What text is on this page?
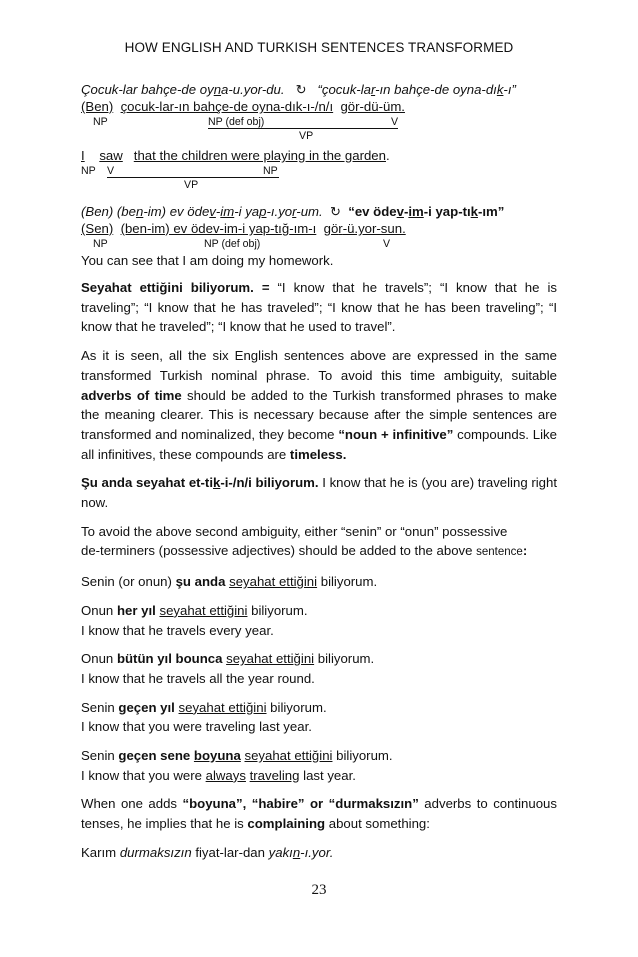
HOW ENGLISH AND TURKISH SENTENCES TRANSFORMED
Çocuk-lar bahçe-de oyna-u.yor-du. ↻ “çocuk-lar-ın bahçe-de oyna-dık-ı”
(Ben) çocuk-lar-ın bahçe-de oyna-dık-ı-/n/ı gör-dü-üm.
NP	NP (def obj)	V
VP
I saw that the children were playing in the garden.
NP V	NP
VP
(Ben) (ben-im) ev ödev-im-i yap-ı.yor-um. ↻ “ev ödev-im-i yap-tık-ım”
(Sen) (ben-im) ev ödev-im-i yap-tığ-ım-ı gör-ü.yor-sun.
NP	NP (def obj)	V
You can see that I am doing my homework.

Seyahat ettiğini biliyorum. = “I know that he travels”; “I know that he is traveling”; “I know that he has traveled”; “I know that he has been traveling”; “I know that he traveled”; “I know that he used to travel”.

As it is seen, all the six English sentences above are expressed in the same transformed Turkish nominal phrase. To avoid this time ambiguity, suitable adverbs of time should be added to the Turkish transformed phrases to make the meaning clearer. This is necessary because after the simple sentences are transformed and nominalized, they become “noun + infinitive” compounds. Like all infinitives, these compounds are timeless.

Şu anda seyahat et-tik-i-/n/i biliyorum. I know that he is (you are) traveling right now.

To avoid the above second ambiguity, either “senin” or “onun” possessive
de-terminers (possessive adjectives) should be added to the above sentence:
Senin (or onun) şu anda seyahat ettiğini biliyorum.
Onun her yıl seyahat ettiğini biliyorum.
I know that he travels every year.
Onun bütün yıl bounca seyahat ettiğini biliyorum.
I know that he travels all the year round.
Senin geçen yıl seyahat ettiğini biliyorum.
I know that you were traveling last year.
Senin geçen sene boyuna seyahat ettiğini biliyorum.
I know that you were always traveling last year.

When one adds “boyuna”, “habire” or “durmaksızın” adverbs to continuous tenses, he implies that he is complaining about something:

Karım durmaksızın fiyat-lar-dan yakın-ı.yor.
23
